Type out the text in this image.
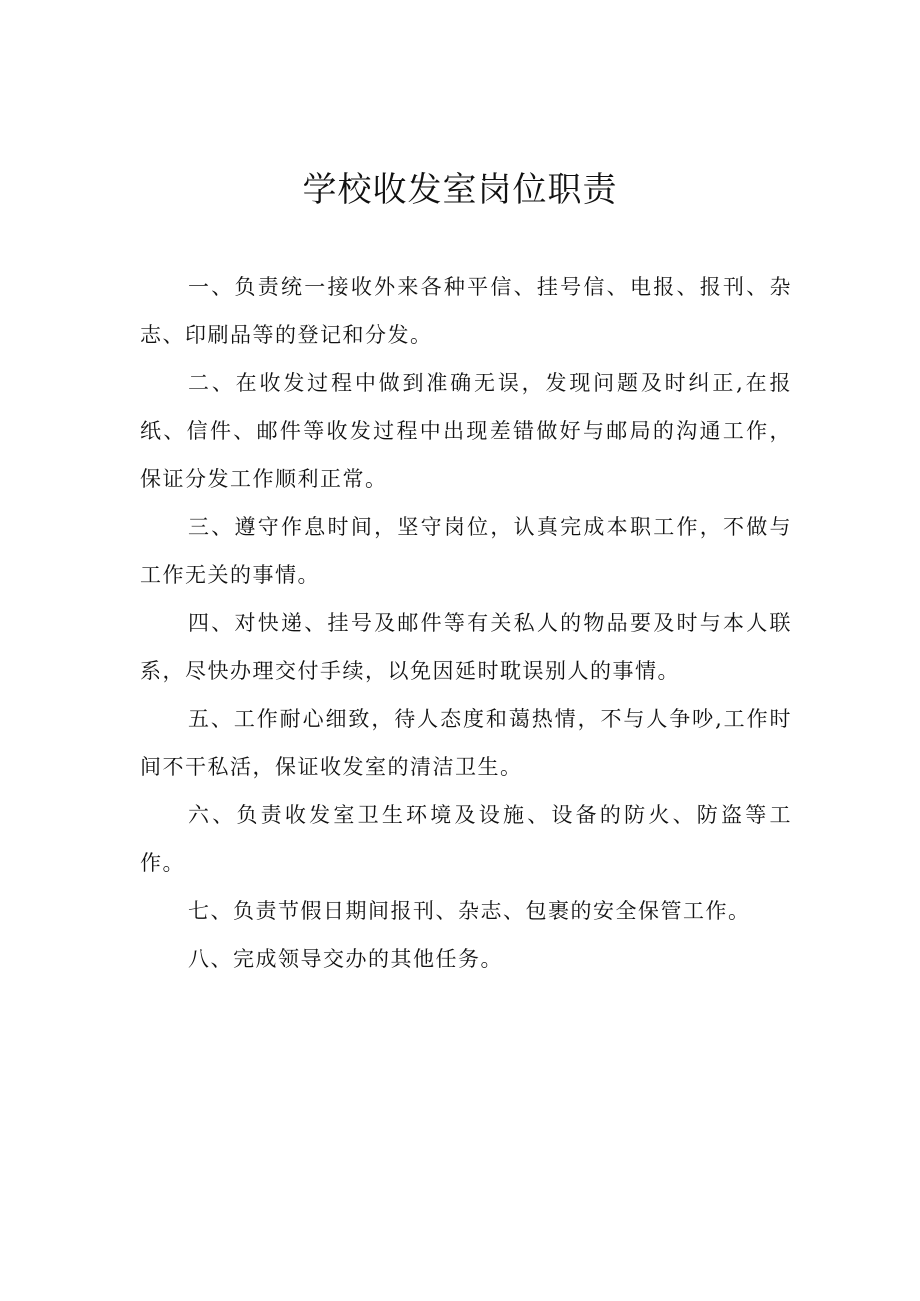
学校收发室岗位职责

一、负责统一接收外来各种平信、挂号信、电报、报刊、杂志、印刷品等的登记和分发。

二、在收发过程中做到准确无误，发现问题及时纠正,在报纸、信件、邮件等收发过程中出现差错做好与邮局的沟通工作，保证分发工作顺利正常。

三、遵守作息时间，坚守岗位，认真完成本职工作，不做与工作无关的事情。

四、对快递、挂号及邮件等有关私人的物品要及时与本人联系，尽快办理交付手续，以免因延时耽误别人的事情。

五、工作耐心细致，待人态度和蔼热情，不与人争吵,工作时间不干私活，保证收发室的清洁卫生。

六、负责收发室卫生环境及设施、设备的防火、防盗等工作。

七、负责节假日期间报刊、杂志、包裹的安全保管工作。

八、完成领导交办的其他任务。
